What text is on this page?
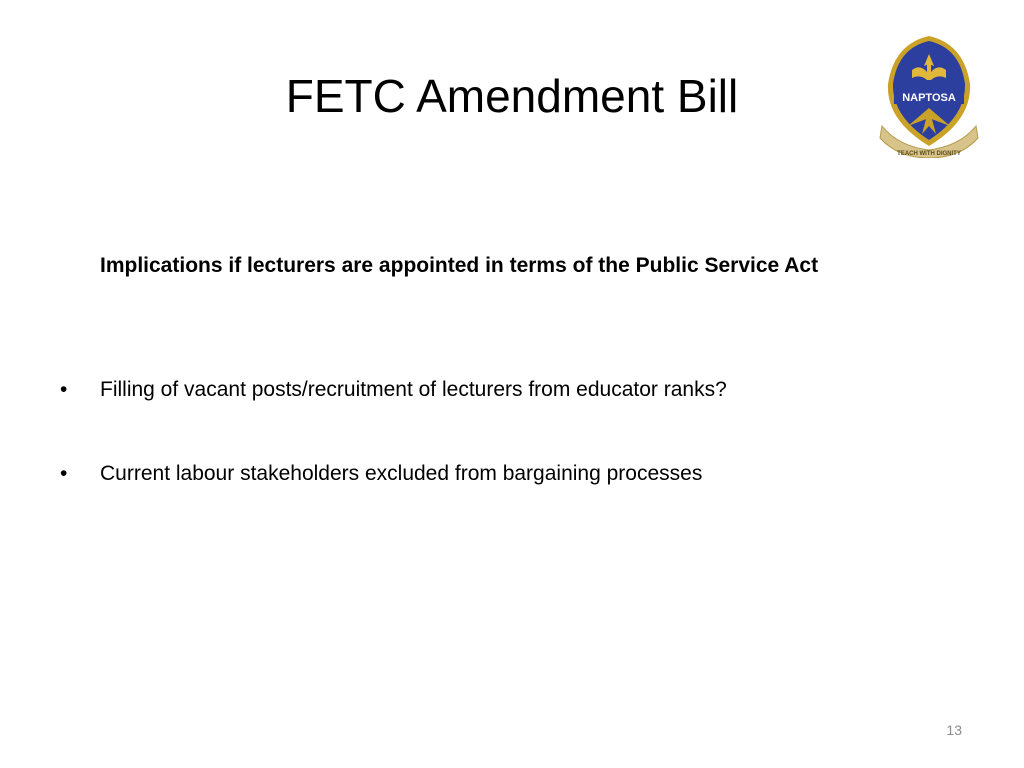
FETC Amendment Bill	NAPTOSA
TEACH WITH DIGNITY
Implications if lecturers are appointed in terms of the Public Service Act
• Filling of vacant posts/recruitment of lecturers from educator ranks?
• Current labour stakeholders excluded from bargaining processes
13
